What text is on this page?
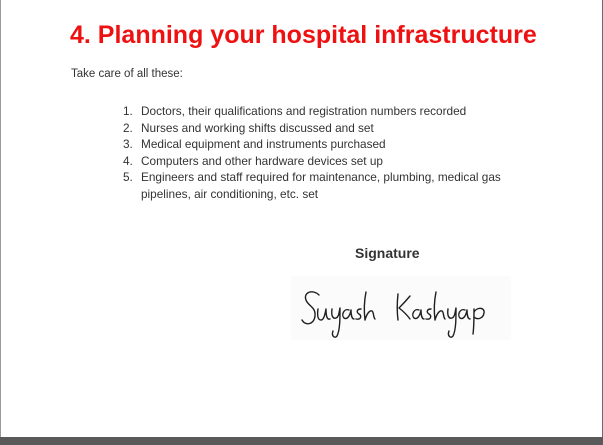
4. Planning your hospital infrastructure

Take care of all these:

1. Doctors, their qualifications and registration numbers recorded
2. Nurses and working shifts discussed and set
3. Medical equipment and instruments purchased
4. Computers and other hardware devices set up
5. Engineers and staff required for maintenance, plumbing, medical gas pipelines, air conditioning, etc. set

Signature
